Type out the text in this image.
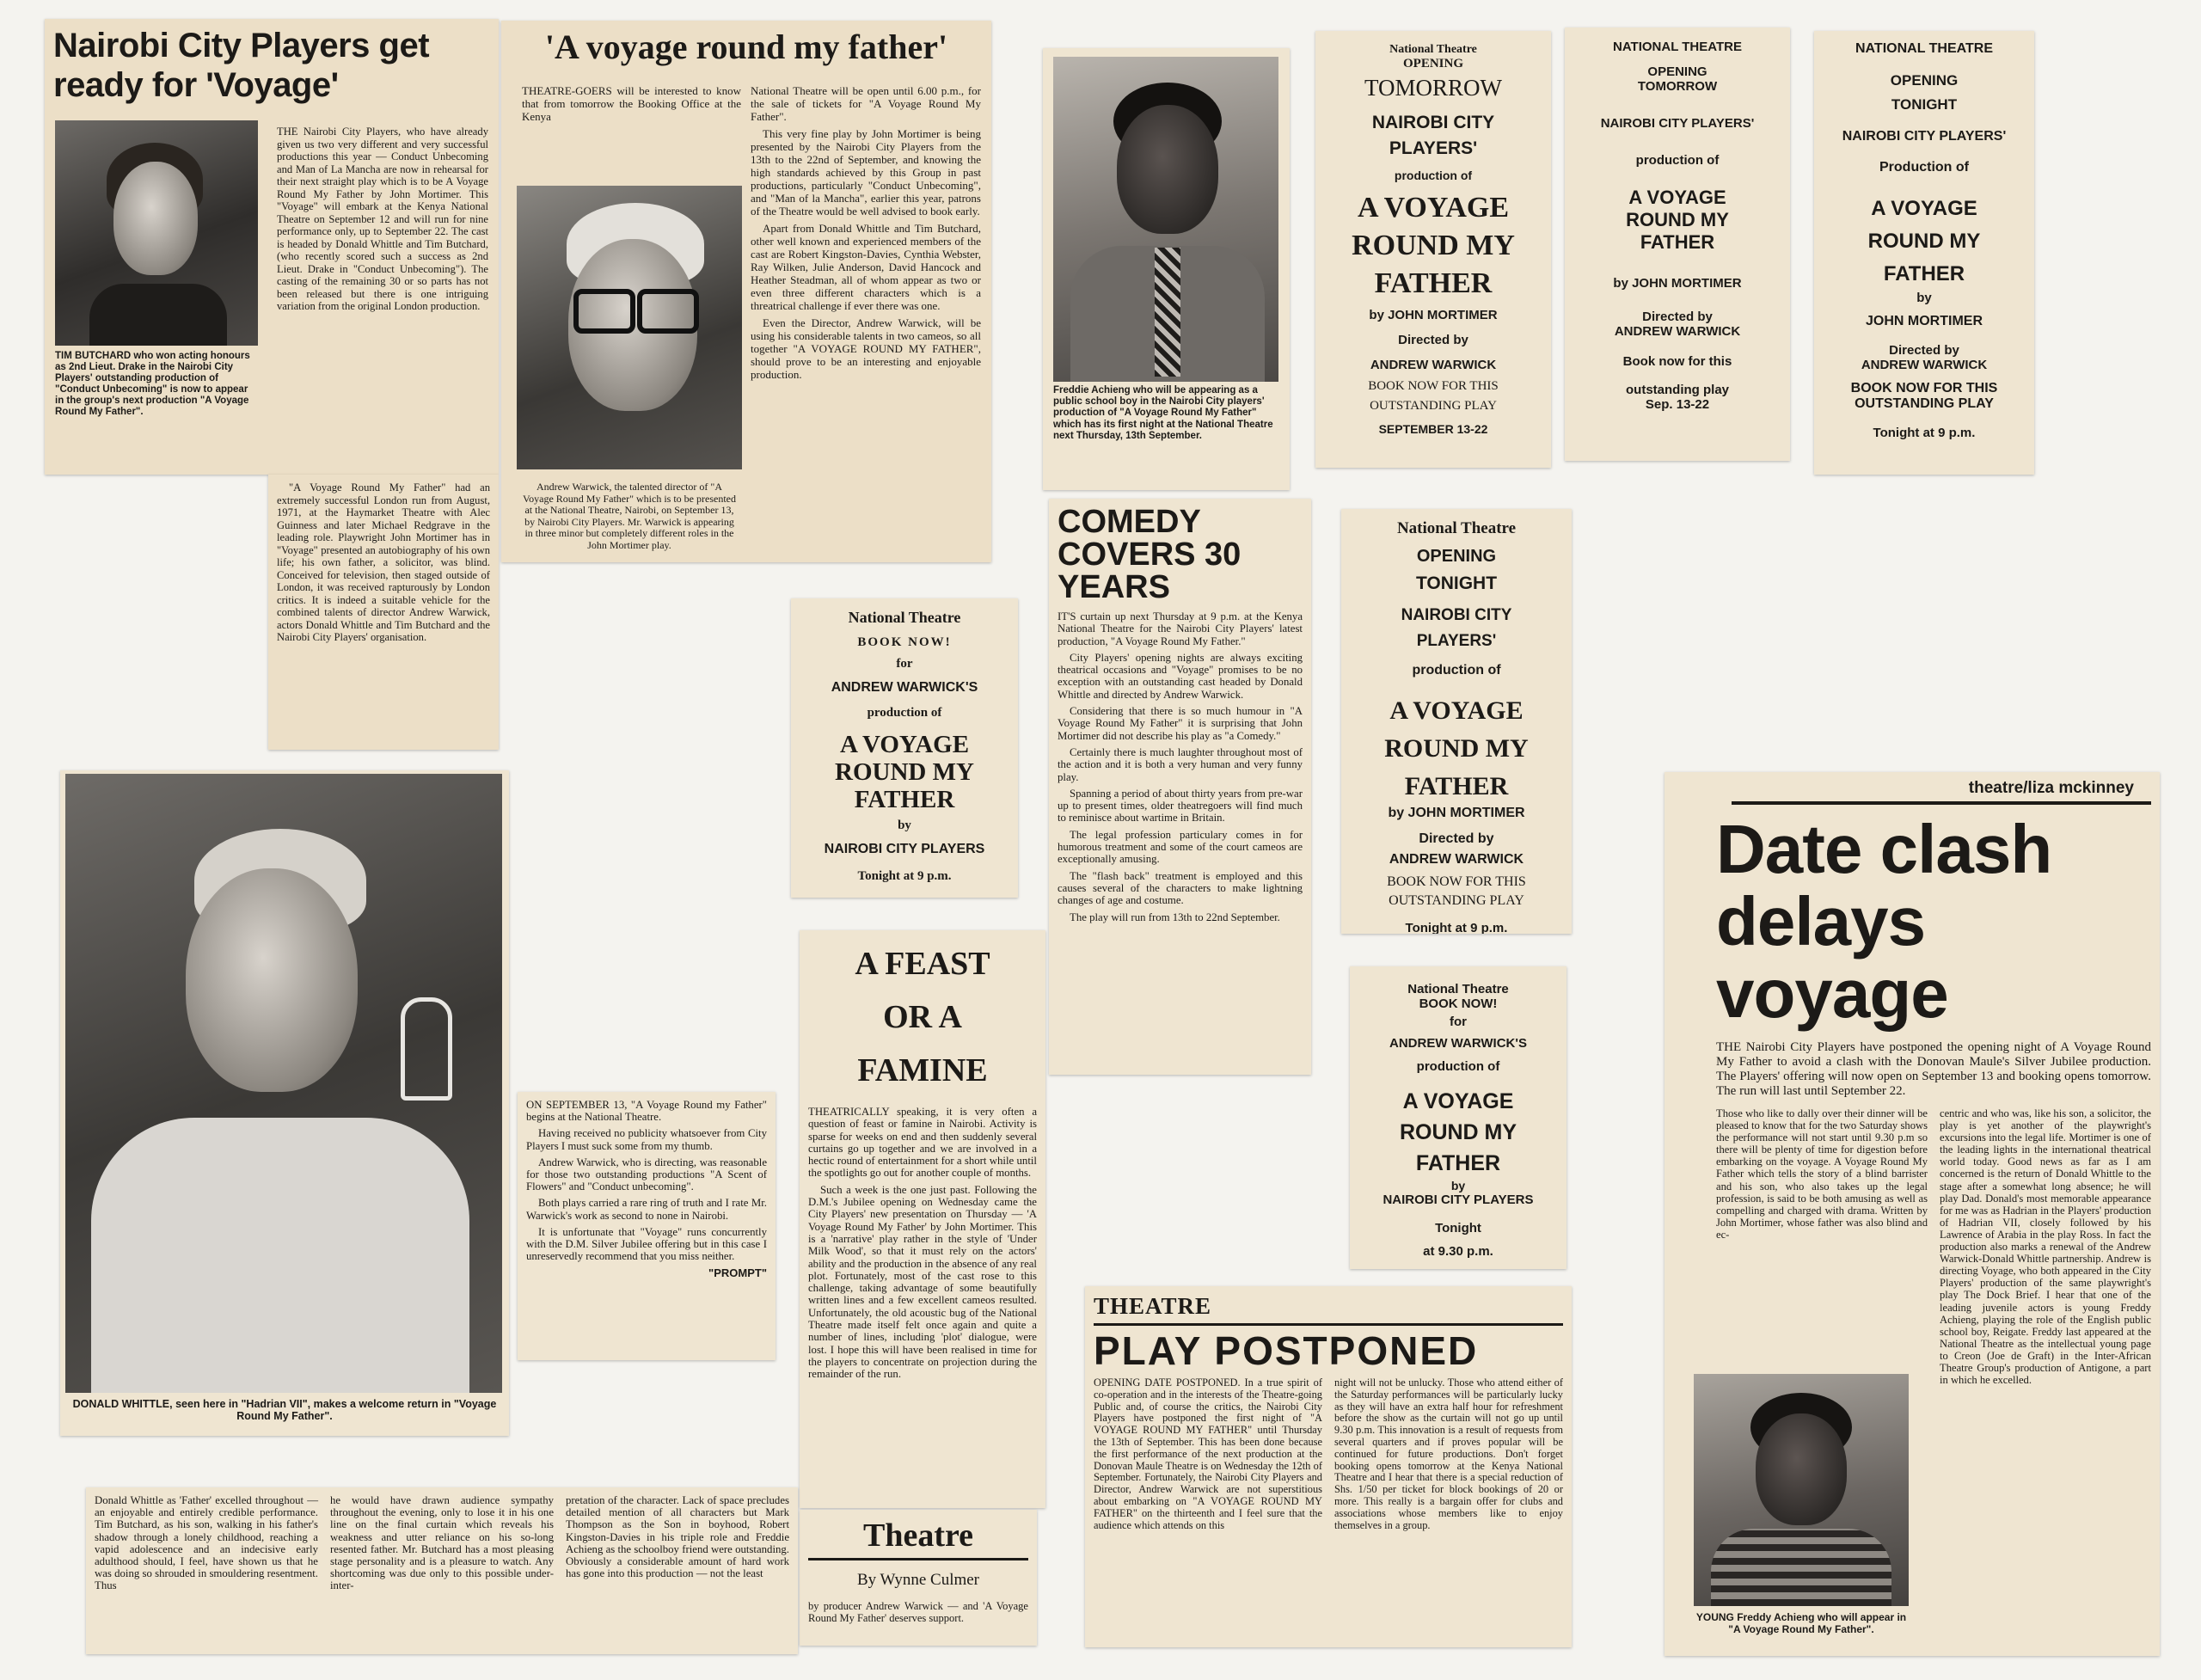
Nairobi City Players get ready for 'Voyage'
TIM BUTCHARD who won acting honours as 2nd Lieut. Drake in the Nairobi City Players' outstanding production of "Conduct Unbecoming" is now to appear in the group's next production "A Voyage Round My Father".

THE Nairobi City Players, who have already given us two very different and very successful productions this year — Conduct Unbecoming and Man of La Mancha are now in rehearsal for their next straight play which is to be A Voyage Round My Father by John Mortimer. This "Voyage" will embark at the Kenya National Theatre on September 12 and will run for nine performance only, up to September 22. The cast is headed by Donald Whittle and Tim Butchard, (who recently scored such a success as 2nd Lieut. Drake in "Conduct Unbecoming"). The casting of the remaining 30 or so parts has not been released but there is one intriguing variation from the original London production.

"A Voyage Round My Father" had an extremely successful London run from August, 1971, at the Haymarket Theatre with Alec Guinness and later Michael Redgrave in the leading role. Playwright John Mortimer has in "Voyage" presented an autobiography of his own life; his own father, a solicitor, was blind. Conceived for television, then staged outside of London, it was received rapturously by London critics. It is indeed a suitable vehicle for the combined talents of director Andrew Warwick, actors Donald Whittle and Tim Butchard and the Nairobi City Players' organisation.

'A voyage round my father'

THEATRE-GOERS will be interested to know that from tomorrow the Booking Office at the Kenya

Andrew Warwick, the talented director of "A Voyage Round My Father" which is to be presented at the National Theatre, Nairobi, on September 13, by Nairobi City Players. Mr. Warwick is appearing in three minor but completely different roles in the John Mortimer play.

National Theatre will be open until 6.00 p.m., for the sale of tickets for "A Voyage Round My Father".

This very fine play by John Mortimer is being presented by the Nairobi City Players from the 13th to the 22nd of September, and knowing the high standards achieved by this Group in past productions, particularly "Conduct Unbecoming", and "Man of la Mancha", earlier this year, patrons of the Theatre would be well advised to book early.

Apart from Donald Whittle and Tim Butchard, other well known and experienced members of the cast are Robert Kingston-Davies, Cynthia Webster, Ray Wilken, Julie Anderson, David Hancock and Heather Steadman, all of whom appear as two or even three different characters which is a threatrical challenge if ever there was one.

Even the Director, Andrew Warwick, will be using his considerable talents in two cameos, so all together "A VOYAGE ROUND MY FATHER", should prove to be an interesting and enjoyable production.

Freddie Achieng who will be appearing as a public school boy in the Nairobi City players' production of "A Voyage Round My Father" which has its first night at the National Theatre next Thursday, 13th September.
COMEDY COVERS 30 YEARS

IT'S curtain up next Thursday at 9 p.m. at the Kenya National Theatre for the Nairobi City Players' latest production, "A Voyage Round My Father."

City Players' opening nights are always exciting theatrical occasions and "Voyage" promises to be no exception with an outstanding cast headed by Donald Whittle and directed by Andrew Warwick.

Considering that there is so much humour in "A Voyage Round My Father" it is surprising that John Mortimer did not describe his play as "a Comedy."

Certainly there is much laughter throughout most of the action and it is both a very human and very funny play.

Spanning a period of about thirty years from pre-war up to present times, older theatregoers will find much to reminisce about wartime in Britain.

The legal profession particulary comes in for humorous treatment and some of the court cameos are exceptionally amusing.

The "flash back" treatment is employed and this causes several of the characters to make lightning changes of age and costume.

The play will run from 13th to 22nd September.

National Theatre
OPENING
TOMORROW
NAIROBI CITY
PLAYERS'
production of
A VOYAGE
ROUND MY
FATHER
by JOHN MORTIMER
Directed by
ANDREW WARWICK
BOOK NOW FOR THIS
OUTSTANDING PLAY
SEPTEMBER 13-22
NATIONAL THEATRE
OPENING
TOMORROW
NAIROBI CITY PLAYERS'
production of
A VOYAGE
ROUND MY
FATHER
by JOHN MORTIMER
Directed by
ANDREW WARWICK
Book now for this
outstanding play
Sep. 13-22
NATIONAL THEATRE
OPENING
TONIGHT
NAIROBI CITY PLAYERS'
Production of
A VOYAGE
ROUND MY
FATHER
by
JOHN MORTIMER
Directed by
ANDREW WARWICK
BOOK NOW FOR THIS
OUTSTANDING PLAY
Tonight at 9 p.m.
National Theatre
BOOK NOW!
for
ANDREW WARWICK'S
production of
A VOYAGE
ROUND MY
FATHER
by
NAIROBI CITY PLAYERS
Tonight at 9 p.m.
National Theatre
OPENING
TONIGHT
NAIROBI CITY
PLAYERS'
production of
A VOYAGE
ROUND MY
FATHER
by JOHN MORTIMER
Directed by
ANDREW WARWICK
BOOK NOW FOR THIS
OUTSTANDING PLAY
Tonight at 9 p.m.
National Theatre
BOOK NOW!
for
ANDREW WARWICK'S
production of
A VOYAGE
ROUND MY
FATHER
by
NAIROBI CITY PLAYERS
Tonight
at 9.30 p.m.
DONALD WHITTLE, seen here in "Hadrian VII", makes a welcome return in "Voyage Round My Father".

ON SEPTEMBER 13, "A Voyage Round my Father" begins at the National Theatre.

Having received no publicity whatsoever from City Players I must suck some from my thumb.

Andrew Warwick, who is directing, was reasonable for those two outstanding productions "A Scent of Flowers" and "Conduct unbecoming".

Both plays carried a rare ring of truth and I rate Mr. Warwick's work as second to none in Nairobi.

It is unfortunate that "Voyage" runs concurrently with the D.M. Silver Jubilee offering but in this case I unreservedly recommend that you miss neither.

"PROMPT"
A FEAST OR A FAMINE

THEATRICALLY speaking, it is very often a question of feast or famine in Nairobi. Activity is sparse for weeks on end and then suddenly several curtains go up together and we are involved in a hectic round of entertainment for a short while until the spotlights go out for another couple of months.

Such a week is the one just past. Following the D.M.'s Jubilee opening on Wednesday came the City Players' new presentation on Thursday — 'A Voyage Round My Father' by John Mortimer. This is a 'narrative' play rather in the style of 'Under Milk Wood', so that it must rely on the actors' ability and the production in the absence of any real plot. Fortunately, most of the cast rose to this challenge, taking advantage of some beautifully written lines and a few excellent cameos resulted. Unfortunately, the old acoustic bug of the National Theatre made itself felt once again and quite a number of lines, including 'plot' dialogue, were lost. I hope this will have been realised in time for the players to concentrate on projection during the remainder of the run.

Theatre
By Wynne Culmer
by producer Andrew Warwick — and 'A Voyage Round My Father' deserves support.
Donald Whittle as 'Father' excelled throughout — an enjoyable and entirely credible performance. Tim Butchard, as his son, walking in his father's shadow through a lonely childhood, reaching a vapid adolescence and an indecisive early adulthood should, I feel, have shown us that he was doing so shrouded in smouldering resentment. Thus
he would have drawn audience sympathy throughout the evening, only to lose it in his one line on the final curtain which reveals his weakness and utter reliance on his so-long resented father. Mr. Butchard has a most pleasing stage personality and is a pleasure to watch. Any shortcoming was due only to this possible under-inter-
pretation of the character. Lack of space precludes detailed mention of all characters but Mark Thompson as the Son in boyhood, Robert Kingston-Davies in his triple role and Freddie Achieng as the schoolboy friend were outstanding. Obviously a considerable amount of hard work has gone into this production — not the least
THEATRE
PLAY POSTPONED
OPENING DATE POSTPONED. In a true spirit of co-operation and in the interests of the Theatre-going Public and, of course the critics, the Nairobi City Players have postponed the first night of "A VOYAGE ROUND MY FATHER" until Thursday the 13th of September. This has been done because the first performance of the next production at the Donovan Maule Theatre is on Wednesday the 12th of September. Fortunately, the Nairobi City Players and Director, Andrew Warwick are not superstitious about embarking on "A VOYAGE ROUND MY FATHER" on the thirteenth and I feel sure that the audience which attends on this
night will not be unlucky. Those who attend either of the Saturday performances will be particularly lucky as they will have an extra half hour for refreshment before the show as the curtain will not go up until 9.30 p.m. This innovation is a result of requests from several quarters and if proves popular will be continued for future productions. Don't forget booking opens tomorrow at the Kenya National Theatre and I hear that there is a special reduction of Shs. 1/50 per ticket for block bookings of 20 or more. This really is a bargain offer for clubs and associations whose members like to enjoy themselves in a group.
theatre/liza mckinney
Date clash delays voyage
THE Nairobi City Players have postponed the opening night of A Voyage Round My Father to avoid a clash with the Donovan Maule's Silver Jubilee production. The Players' offering will now open on September 13 and booking opens tomorrow. The run will last until September 22.
Those who like to dally over their dinner will be pleased to know that for the two Saturday shows the performance will not start until 9.30 p.m so there will be plenty of time for digestion before embarking on the voyage. A Voyage Round My Father which tells the story of a blind barrister and his son, who also takes up the legal profession, is said to be both amusing as well as compelling and charged with drama. Written by John Mortimer, whose father was also blind and ec-
centric and who was, like his son, a solicitor, the play is yet another of the playwright's excursions into the legal life. Mortimer is one of the leading lights in the international theatrical world today. Good news as far as I am concerned is the return of Donald Whittle to the stage after a somewhat long absence; he will play Dad. Donald's most memorable appearance for me was as Hadrian in the Players' production of Hadrian VII, closely followed by his Lawrence of Arabia in the play Ross. In fact the production also marks a renewal of the Andrew Warwick-Donald Whittle partnership. Andrew is directing Voyage, who both appeared in the City Players' production of the same playwright's play The Dock Brief. I hear that one of the leading juvenile actors is young Freddy Achieng, playing the role of the English public school boy, Reigate. Freddy last appeared at the National Theatre as the intellectual young page to Creon (Joe de Graft) in the Inter-African Theatre Group's production of Antigone, a part in which he excelled.
YOUNG Freddy Achieng who will appear in "A Voyage Round My Father".
